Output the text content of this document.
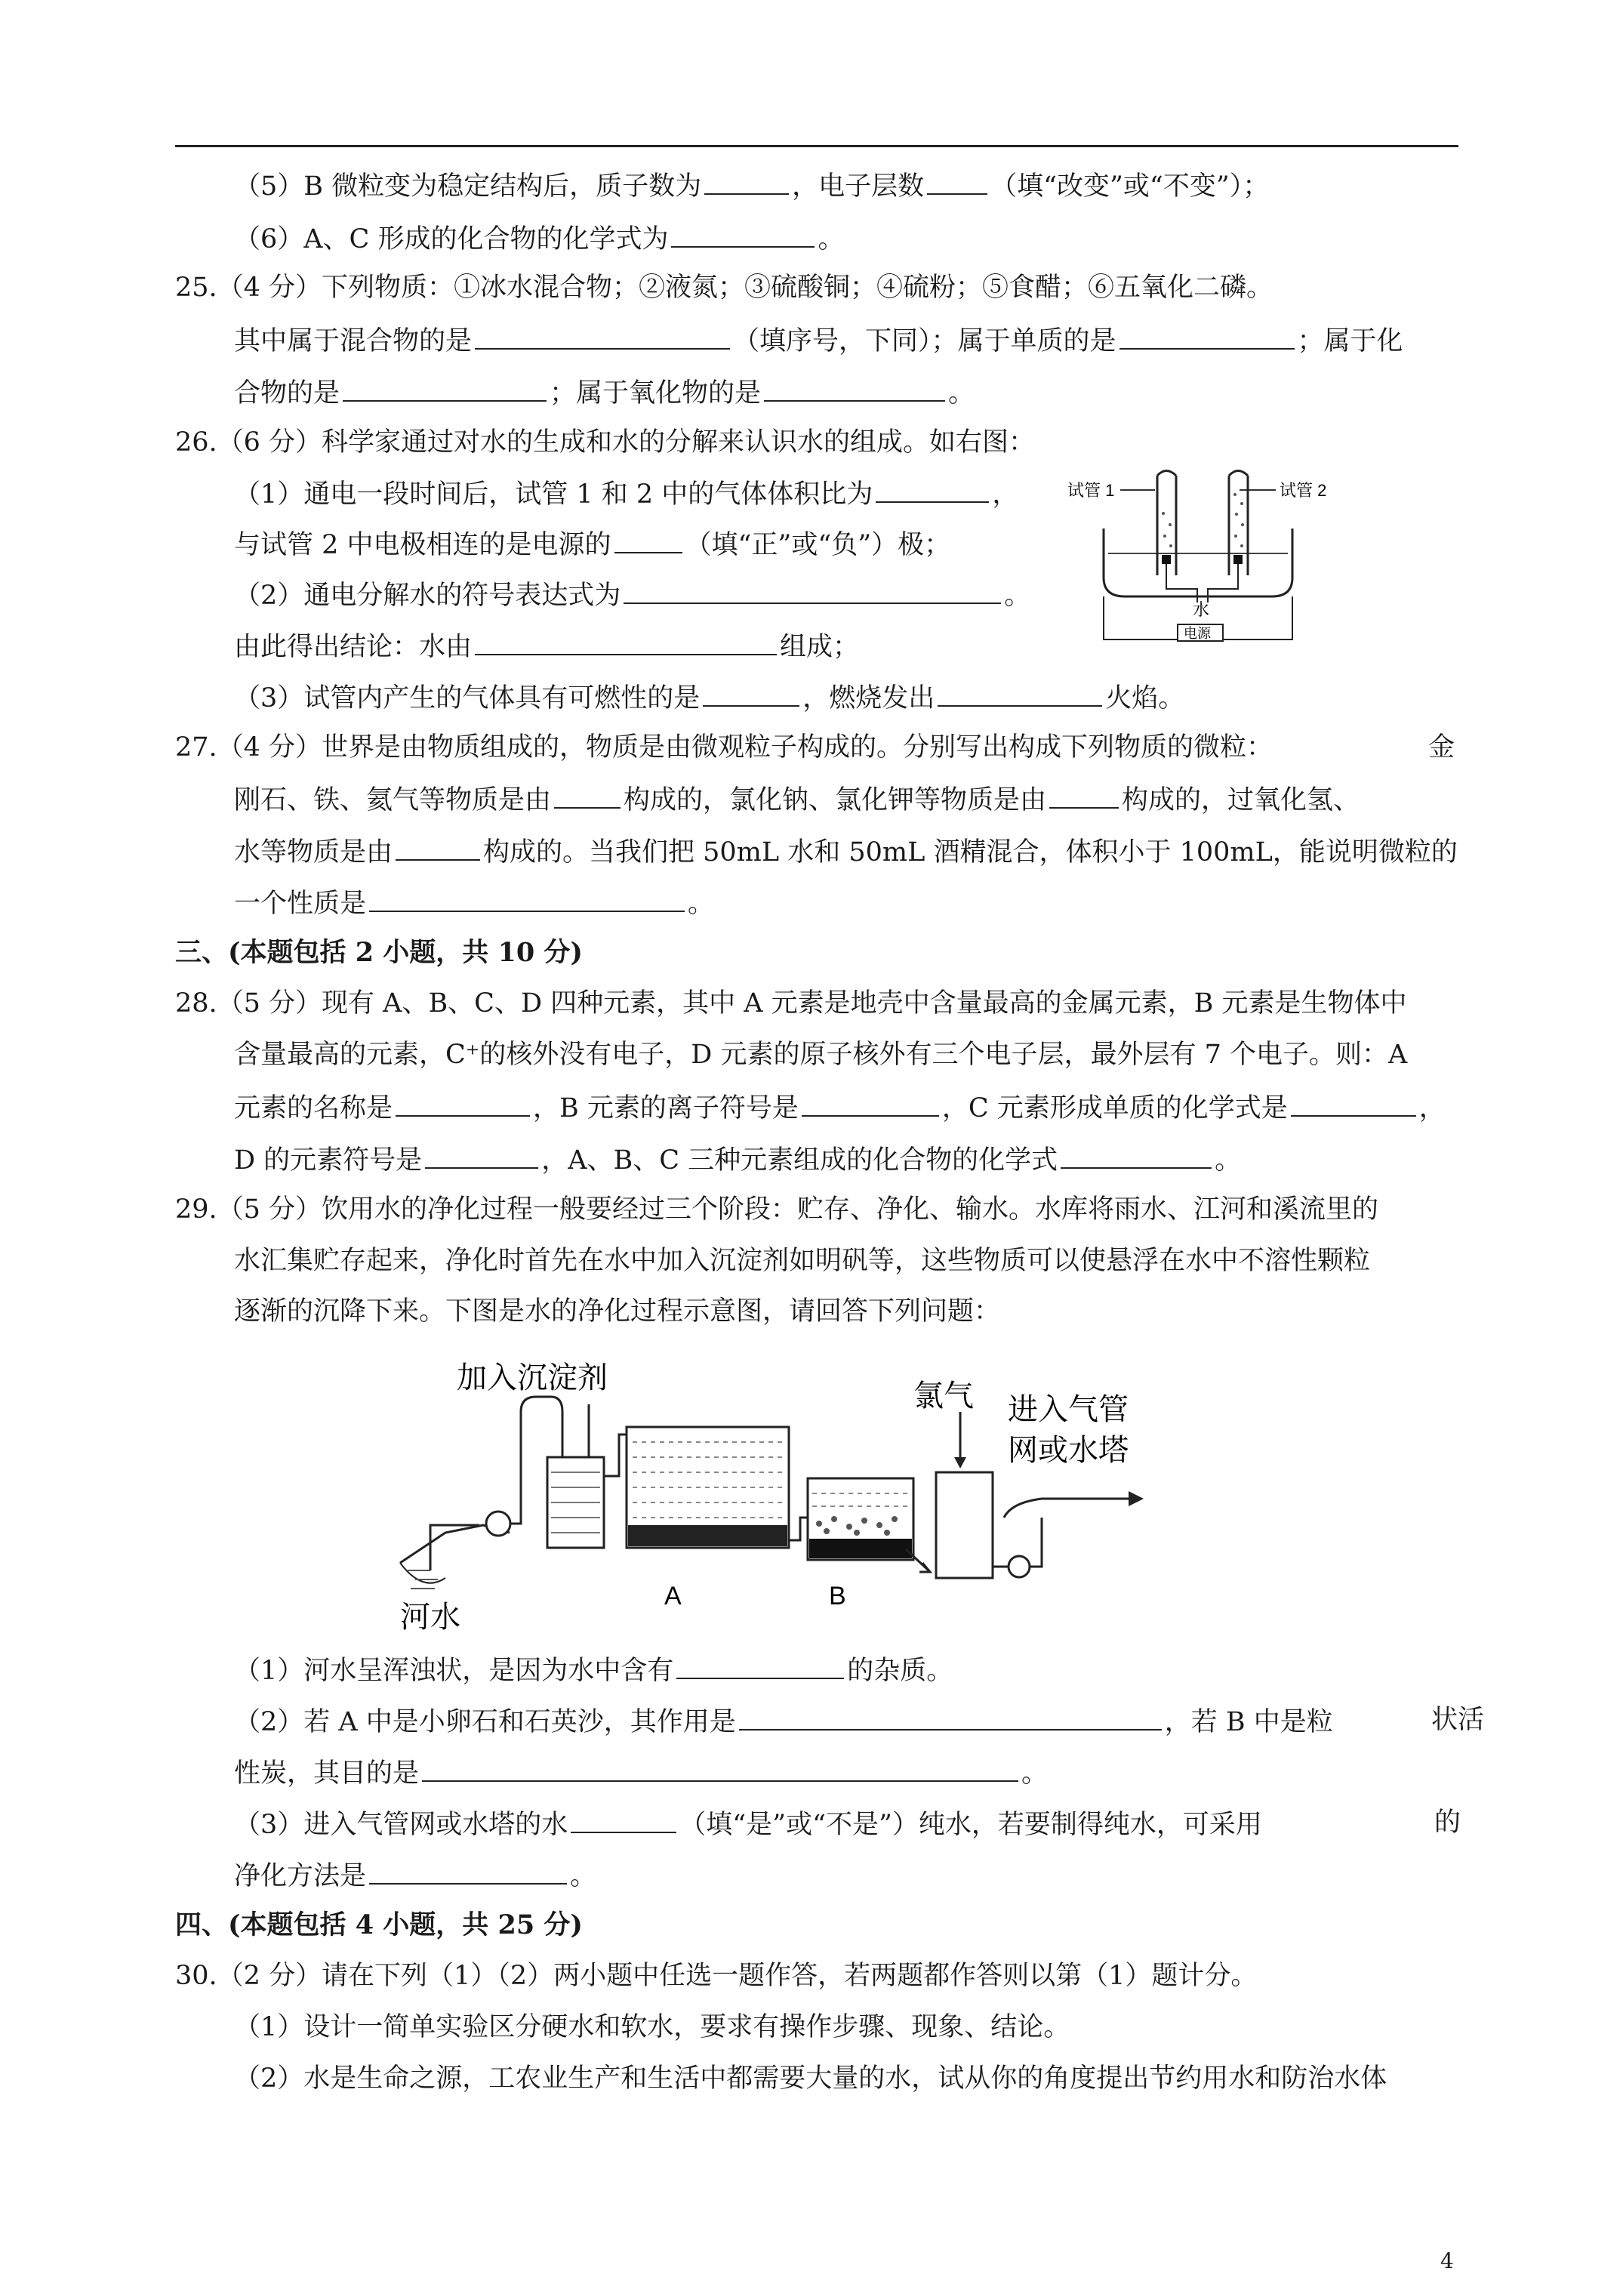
（5）B 微粒变为稳定结构后，质子数为	，电子层数	（填“改变”或“不变”）；
（6）A、C 形成的化合物的化学式为	。
25.（4 分）下列物质：①冰水混合物；②液氮；③硫酸铜；④硫粉；⑤食醋；⑥五氧化二磷。
其中属于混合物的是	（填序号，下同）；属于单质的是	；属于化
合物的是	；属于氧化物的是	。
26.（6 分）科学家通过对水的生成和水的分解来认识水的组成。如右图：
（1）通电一段时间后，试管 1 和 2 中的气体体积比为	，
与试管 2 中电极相连的是电源的	（填“正”或“负”）极；
（2）通电分解水的符号表达式为	。
由此得出结论：水由	组成；
（3）试管内产生的气体具有可燃性的是	，燃烧发出	火焰。
试管 1	试管 2
水
电源
27.（4 分）世界是由物质组成的，物质是由微观粒子构成的。分别写出构成下列物质的微粒：	金
刚石、铁、氦气等物质是由	构成的，氯化钠、氯化钾等物质是由	构成的，过氧化氢、
水等物质是由	构成的。当我们把 50mL 水和 50mL 酒精混合，体积小于 100mL，能说明微粒的
一个性质是	。
三、(本题包括 2 小题，共 10 分)
28.（5 分）现有 A、B、C、D 四种元素，其中 A 元素是地壳中含量最高的金属元素，B 元素是生物体中
含量最高的元素，C⁺的核外没有电子，D 元素的原子核外有三个电子层，最外层有 7 个电子。则：A
元素的名称是	，B 元素的离子符号是	，C 元素形成单质的化学式是	，
D 的元素符号是	，A、B、C 三种元素组成的化合物的化学式	。
29.（5 分）饮用水的净化过程一般要经过三个阶段：贮存、净化、输水。水库将雨水、江河和溪流里的
水汇集贮存起来，净化时首先在水中加入沉淀剂如明矾等，这些物质可以使悬浮在水中不溶性颗粒
逐渐的沉降下来。下图是水的净化过程示意图，请回答下列问题：
加入沉淀剂
氯气 进入气管
网或水塔
河水
A	B
（1）河水呈浑浊状，是因为水中含有	的杂质。
（2）若 A 中是小卵石和石英沙，其作用是	，若 B 中是粒	状活
性炭，其目的是	。
（3）进入气管网或水塔的水	（填“是”或“不是”）纯水，若要制得纯水，可采用	的
净化方法是	。
四、(本题包括 4 小题，共 25 分)
30.（2 分）请在下列（1）（2）两小题中任选一题作答，若两题都作答则以第（1）题计分。
（1）设计一简单实验区分硬水和软水，要求有操作步骤、现象、结论。
（2）水是生命之源，工农业生产和生活中都需要大量的水，试从你的角度提出节约用水和防治水体
4
